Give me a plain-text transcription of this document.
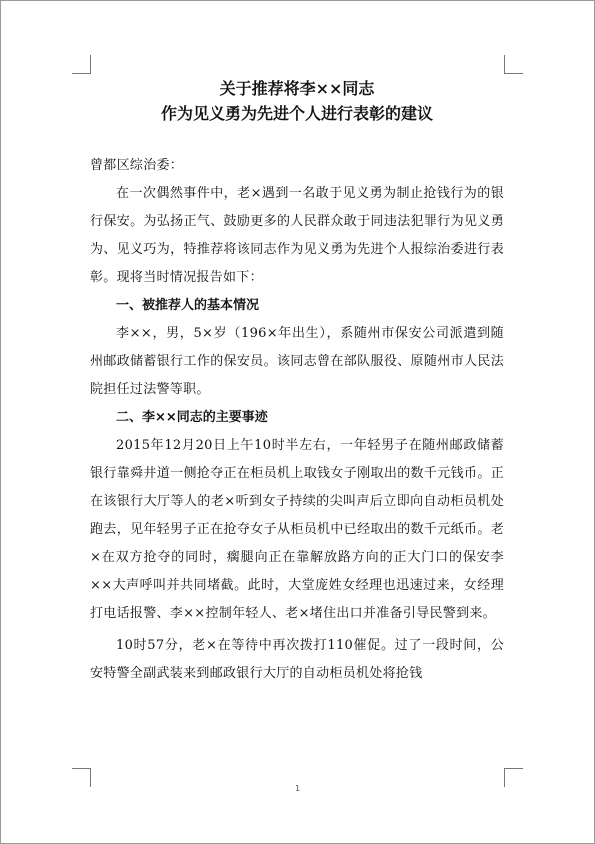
关于推荐将李××同志
作为见义勇为先进个人进行表彰的建议
曾都区综治委：

在一次偶然事件中，老×遇到一名敢于见义勇为制止抢钱行为的银行保安。为弘扬正气、鼓励更多的人民群众敢于同违法犯罪行为见义勇为、见义巧为，特推荐将该同志作为见义勇为先进个人报综治委进行表彰。现将当时情况报告如下：

一、被推荐人的基本情况

李××，男，5×岁（196×年出生），系随州市保安公司派遣到随州邮政储蓄银行工作的保安员。该同志曾在部队服役、原随州市人民法院担任过法警等职。

二、李××同志的主要事迹

2015年12月20日上午10时半左右，一年轻男子在随州邮政储蓄银行靠舜井道一侧抢夺正在柜员机上取钱女子刚取出的数千元钱币。正在该银行大厅等人的老×听到女子持续的尖叫声后立即向自动柜员机处跑去，见年轻男子正在抢夺女子从柜员机中已经取出的数千元纸币。老×在双方抢夺的同时，瘸腿向正在靠解放路方向的正大门口的保安李××大声呼叫并共同堵截。此时，大堂庞姓女经理也迅速过来，女经理打电话报警、李××控制年轻人、老×堵住出口并准备引导民警到来。

10时57分，老×在等待中再次拨打110催促。过了一段时间，公安特警全副武装来到邮政银行大厅的自动柜员机处将抢钱

1
